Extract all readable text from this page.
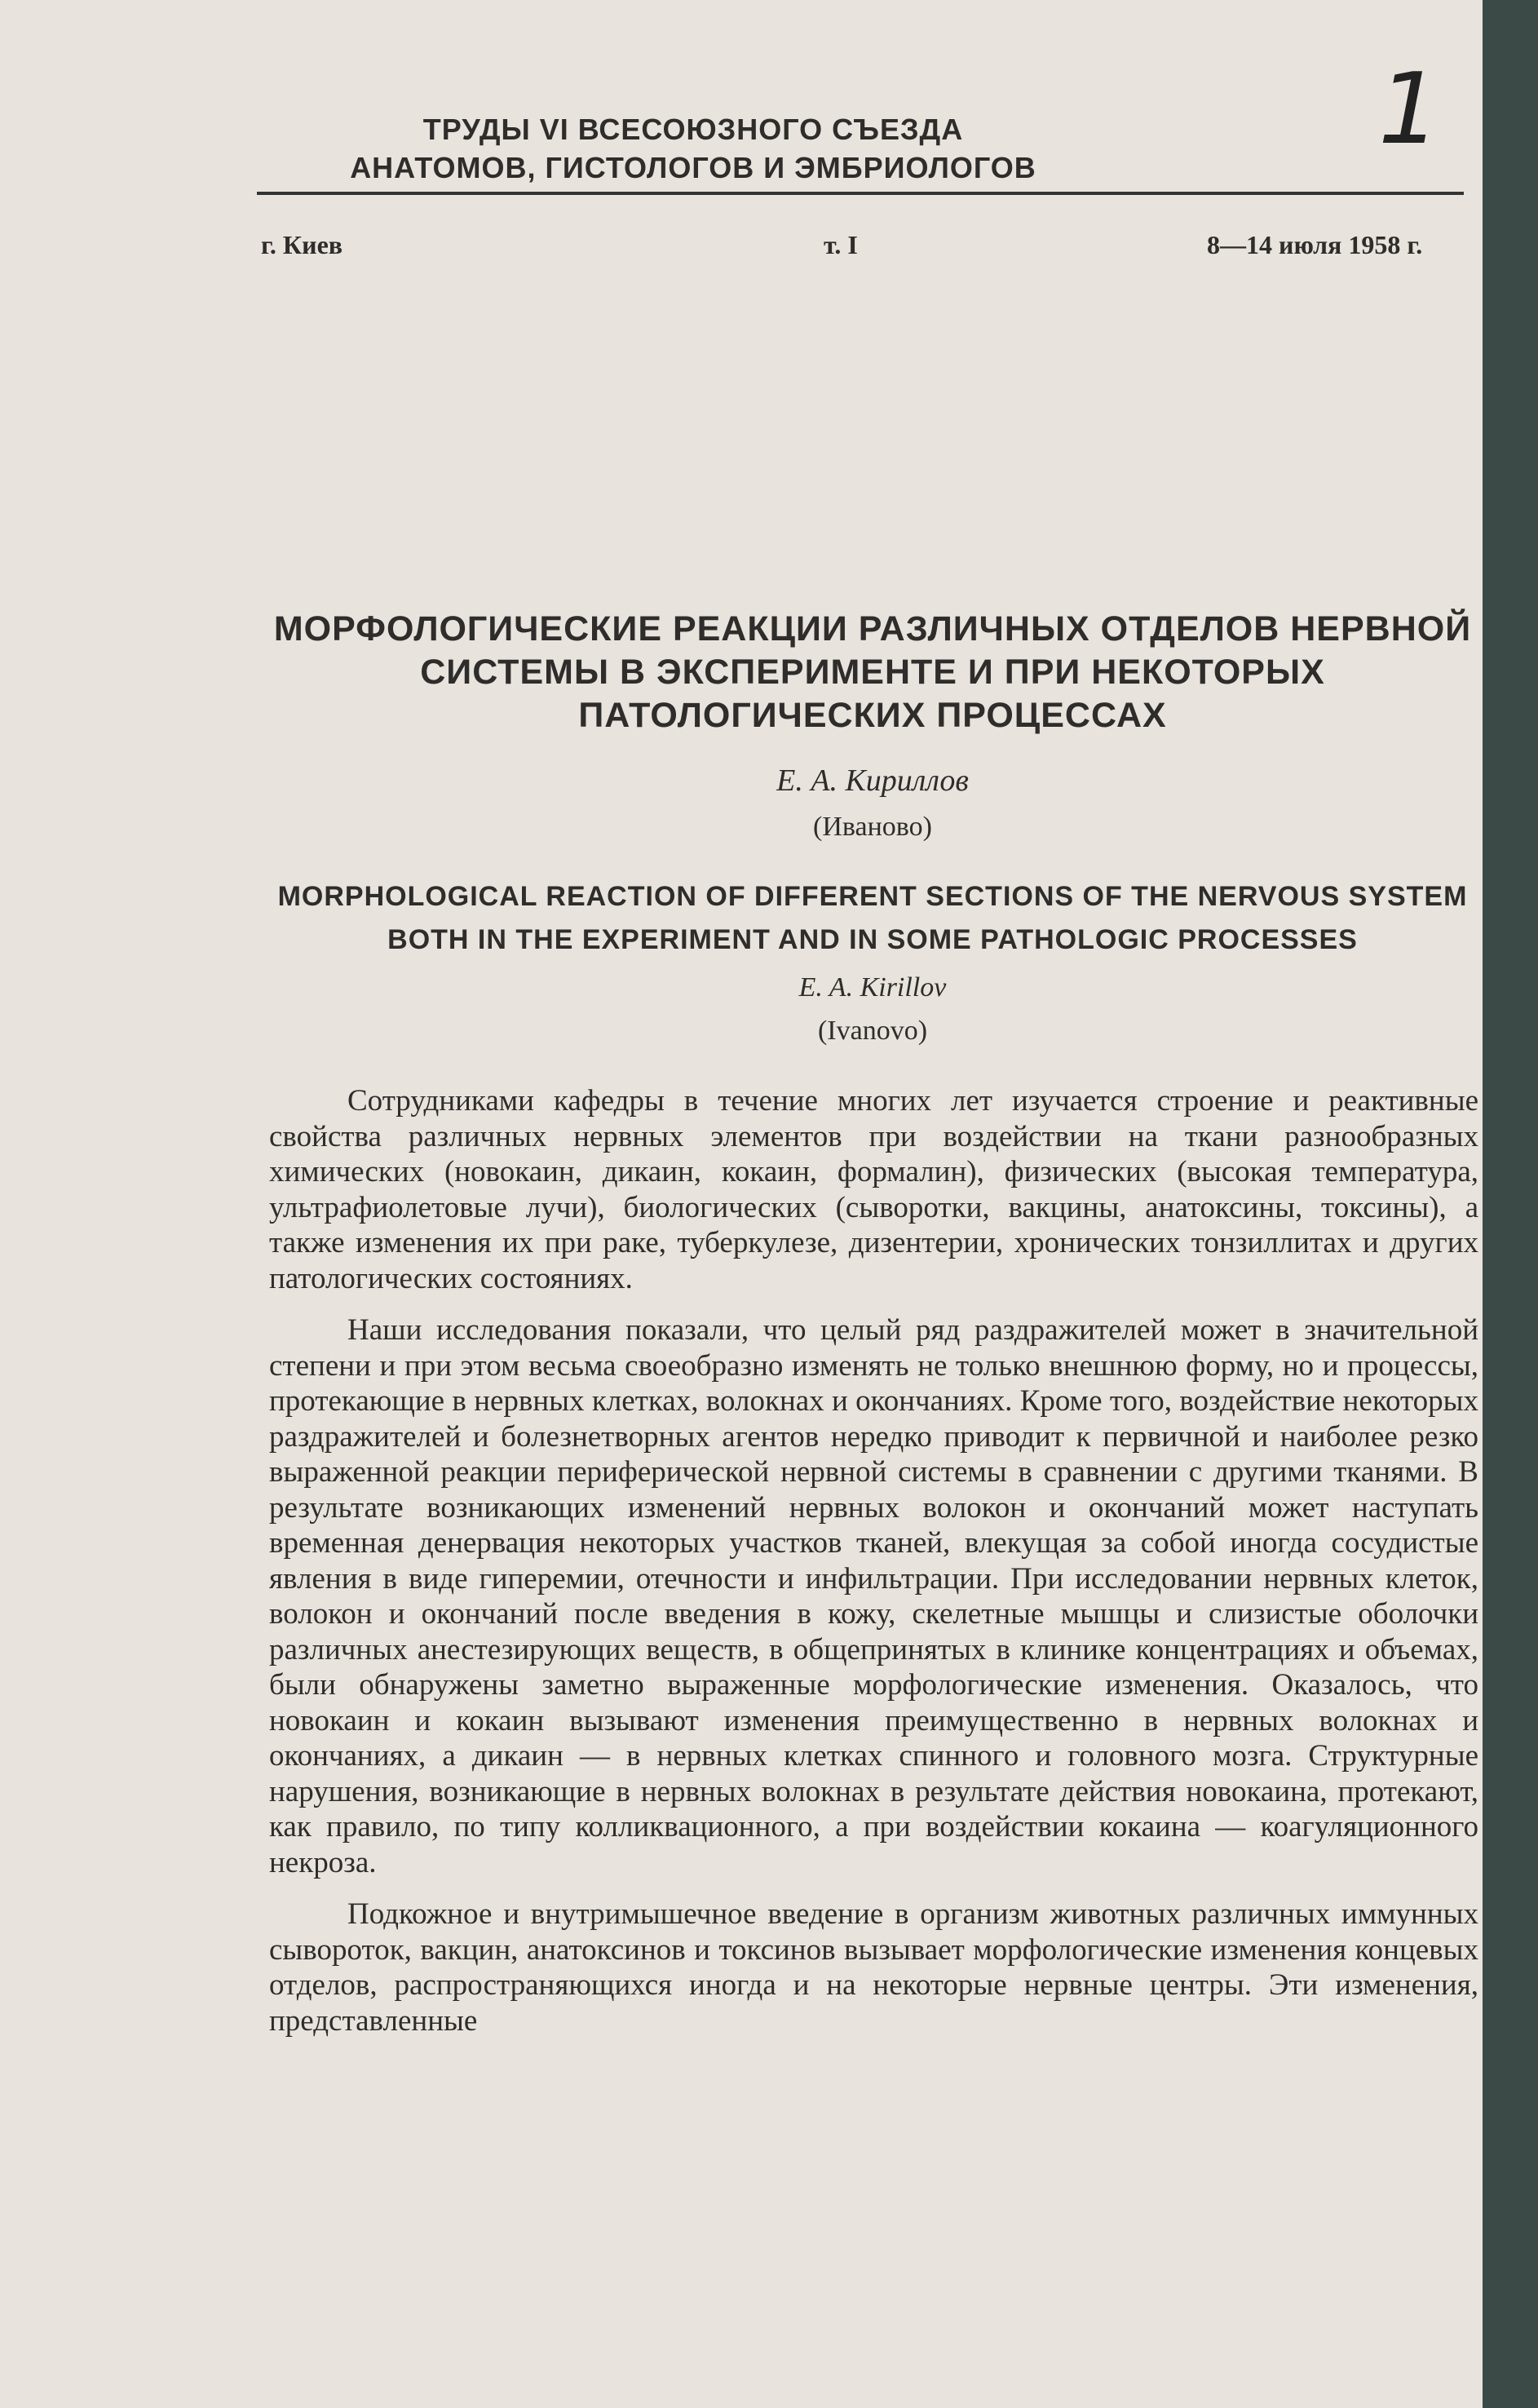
ТРУДЫ VI ВСЕСОЮЗНОГО СЪЕЗДА
АНАТОМОВ, ГИСТОЛОГОВ И ЭМБРИОЛОГОВ
1
г. Киев	т. I	8—14 июля 1958 г.
МОРФОЛОГИЧЕСКИЕ РЕАКЦИИ РАЗЛИЧНЫХ ОТДЕЛОВ НЕРВНОЙ СИСТЕМЫ В ЭКСПЕРИМЕНТЕ И ПРИ НЕКОТОРЫХ ПАТОЛОГИЧЕСКИХ ПРОЦЕССАХ
Е. А. Кириллов
(Иваново)
MORPHOLOGICAL REACTION OF DIFFERENT SECTIONS OF THE NERVOUS SYSTEM BOTH IN THE EXPERIMENT AND IN SOME PATHOLOGIC PROCESSES
E. A. Kirillov
(Ivanovo)

Сотрудниками кафедры в течение многих лет изучается строение и реактивные свойства различных нервных элементов при воздействии на ткани разнообразных химических (новокаин, дикаин, кокаин, формалин), физических (высокая температура, ультрафиолетовые лучи), биологических (сыворотки, вакцины, анатоксины, токсины), а также изменения их при раке, туберкулезе, дизентерии, хронических тонзиллитах и других патологических состояниях.

Наши исследования показали, что целый ряд раздражителей может в значительной степени и при этом весьма своеобразно изменять не только внешнюю форму, но и процессы, протекающие в нервных клетках, волокнах и окончаниях. Кроме того, воздействие некоторых раздражителей и болезнетворных агентов нередко приводит к первичной и наиболее резко выраженной реакции периферической нервной системы в сравнении с другими тканями. В результате возникающих изменений нервных волокон и окончаний может наступать временная денервация некоторых участков тканей, влекущая за собой иногда сосудистые явления в виде гиперемии, отечности и инфильтрации. При исследовании нервных клеток, волокон и окончаний после введения в кожу, скелетные мышцы и слизистые оболочки различных анестезирующих веществ, в общепринятых в клинике концентрациях и объемах, были обнаружены заметно выраженные морфологические изменения. Оказалось, что новокаин и кокаин вызывают изменения преимущественно в нервных волокнах и окончаниях, а дикаин — в нервных клетках спинного и головного мозга. Структурные нарушения, возникающие в нервных волокнах в результате действия новокаина, протекают, как правило, по типу колликвационного, а при воздействии кокаина — коагуляционного некроза.

Подкожное и внутримышечное введение в организм животных различных иммунных сывороток, вакцин, анатоксинов и токсинов вызывает морфологические изменения концевых отделов, распространяющихся иногда и на некоторые нервные центры. Эти изменения, представленные
